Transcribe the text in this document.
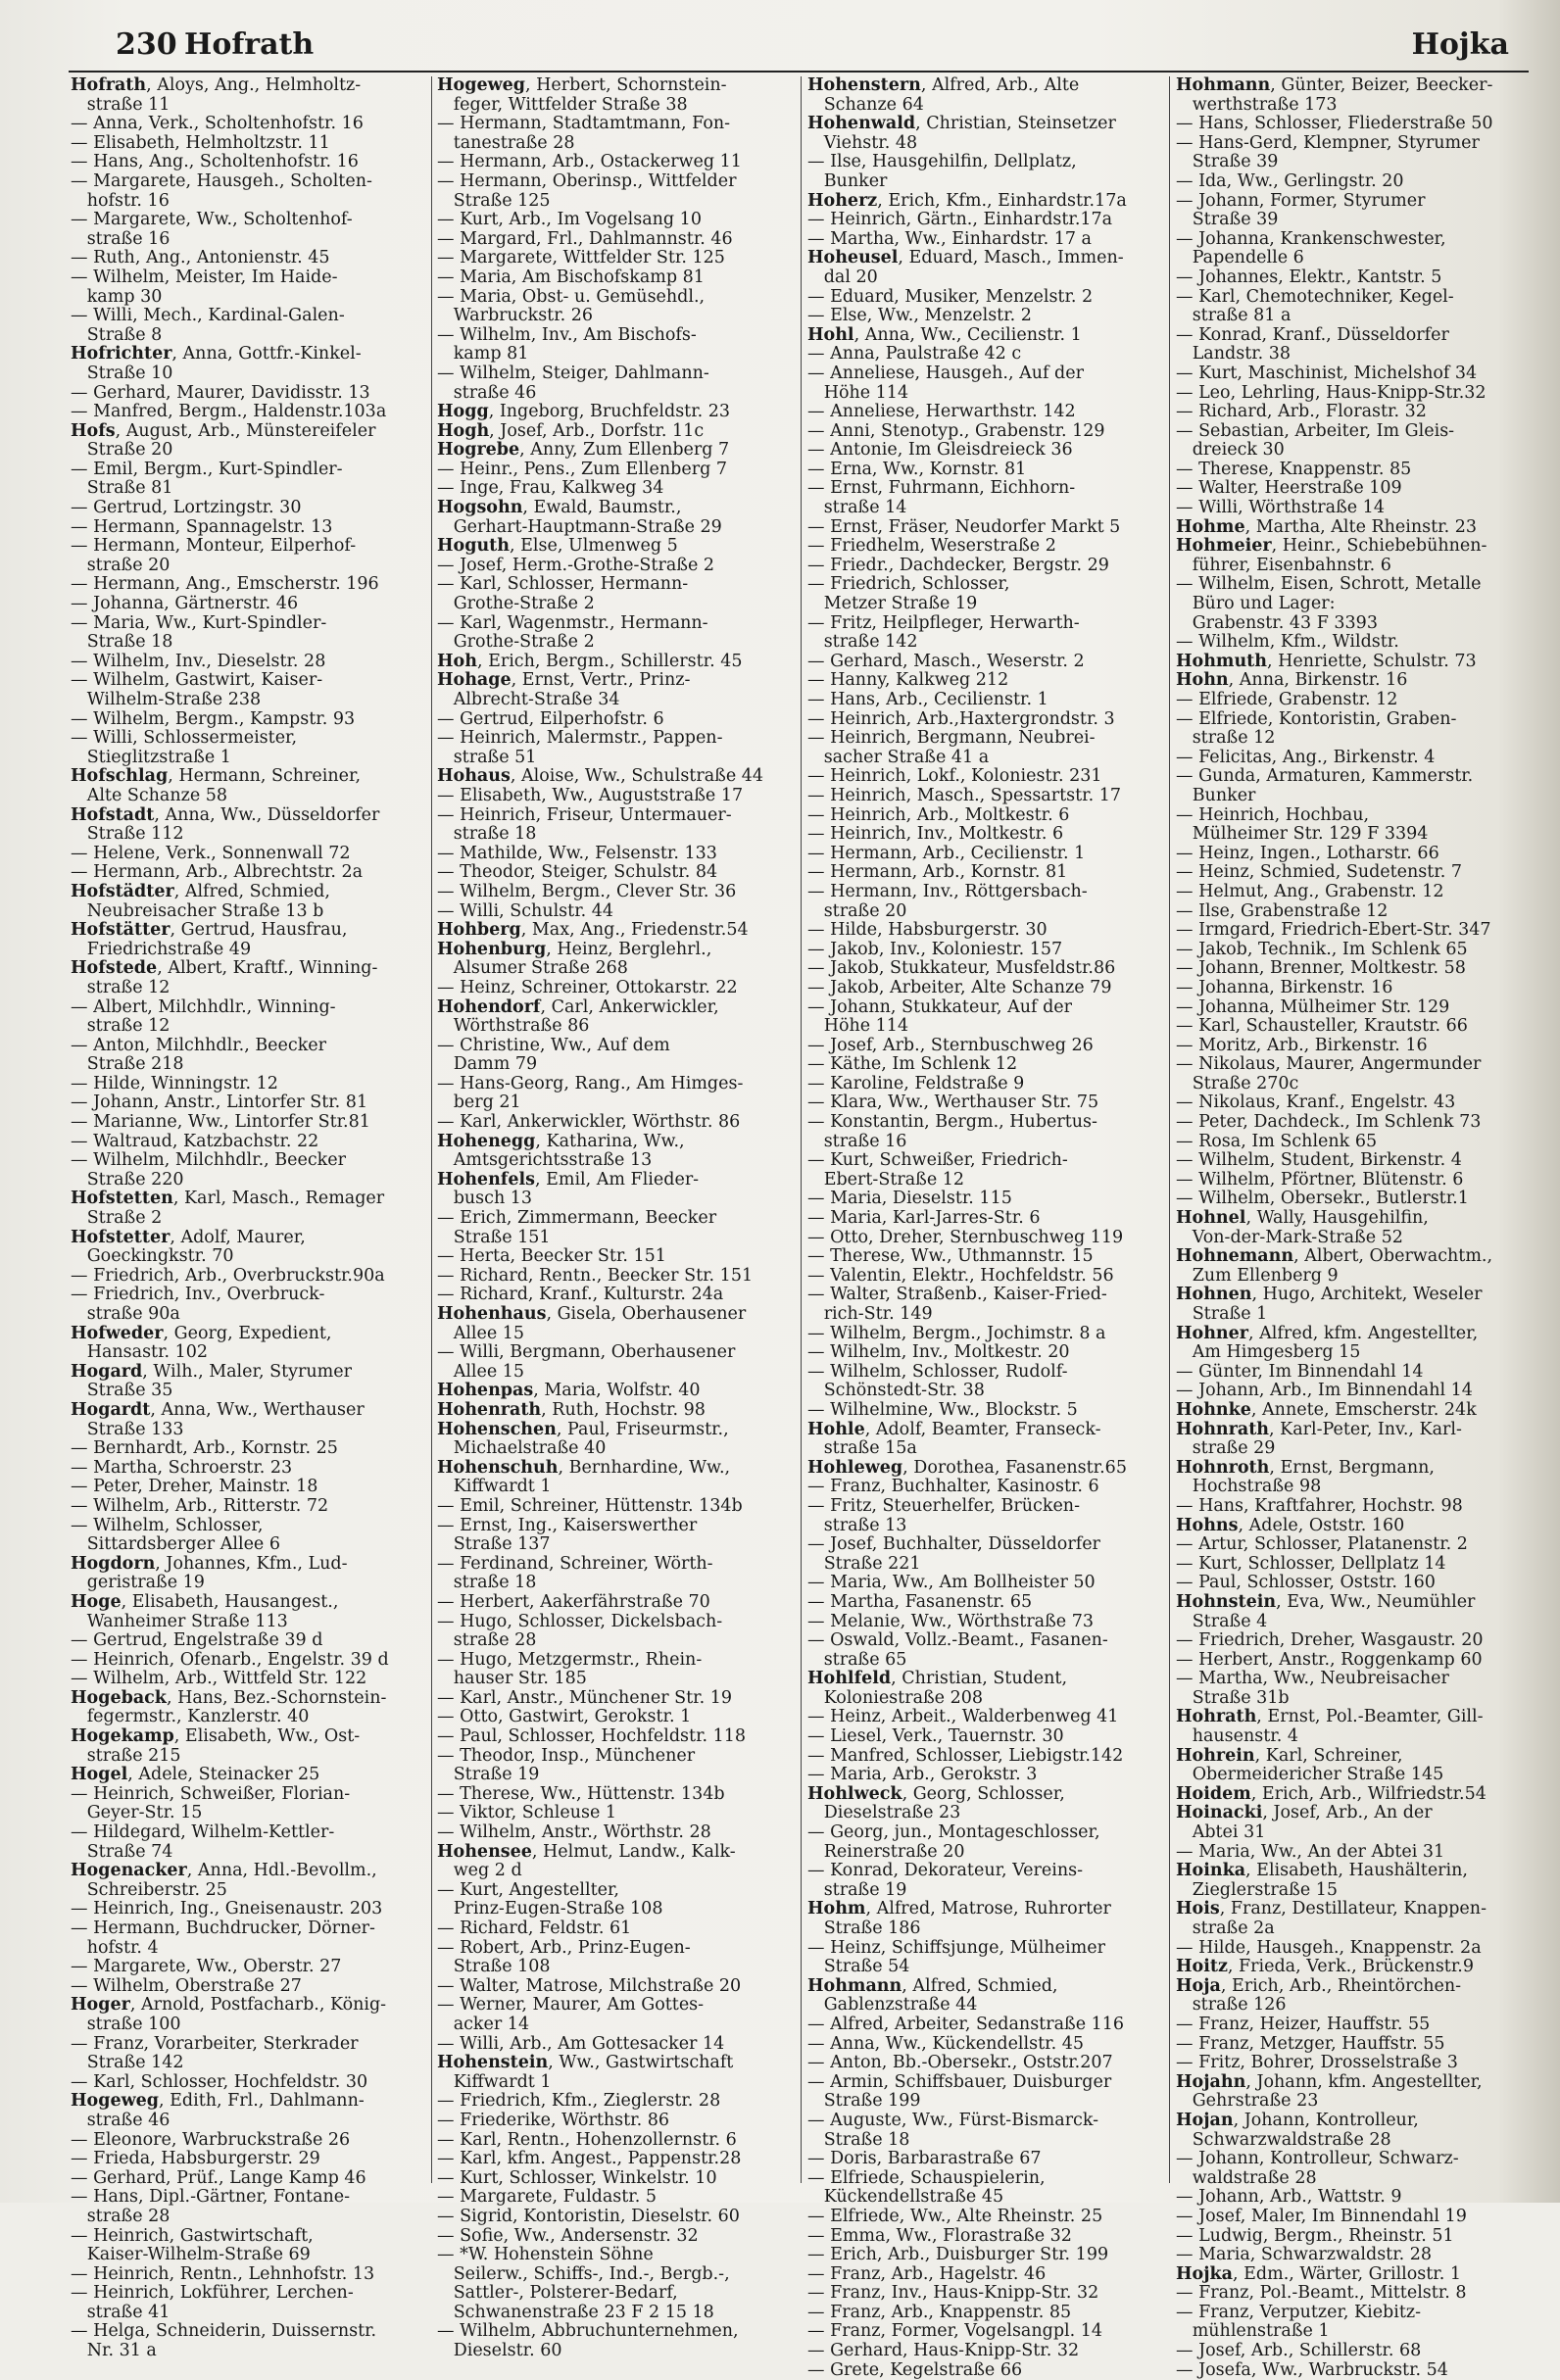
230 Hofrath	Hojka
Hofrath, Aloys, Ang., Helmholtz-
straße 11
— Anna, Verk., Scholtenhofstr. 16
— Elisabeth, Helmholtzstr. 11
— Hans, Ang., Scholtenhofstr. 16
— Margarete, Hausgeh., Scholten-
hofstr. 16
— Margarete, Ww., Scholtenhof-
straße 16
— Ruth, Ang., Antonienstr. 45
— Wilhelm, Meister, Im Haide-
kamp 30
— Willi, Mech., Kardinal-Galen-
Straße 8
Hofrichter, Anna, Gottfr.-Kinkel-
Straße 10
— Gerhard, Maurer, Davidisstr. 13
— Manfred, Bergm., Haldenstr.103a
Hofs, August, Arb., Münstereifeler
Straße 20
— Emil, Bergm., Kurt-Spindler-
Straße 81
— Gertrud, Lortzingstr. 30
— Hermann, Spannagelstr. 13
— Hermann, Monteur, Eilperhof-
straße 20
— Hermann, Ang., Emscherstr. 196
— Johanna, Gärtnerstr. 46
— Maria, Ww., Kurt-Spindler-
Straße 18
— Wilhelm, Inv., Dieselstr. 28
— Wilhelm, Gastwirt, Kaiser-
Wilhelm-Straße 238
— Wilhelm, Bergm., Kampstr. 93
— Willi, Schlossermeister,
Stieglitzstraße 1
Hofschlag, Hermann, Schreiner,
Alte Schanze 58
Hofstadt, Anna, Ww., Düsseldorfer
Straße 112
— Helene, Verk., Sonnenwall 72
— Hermann, Arb., Albrechtstr. 2a
Hofstädter, Alfred, Schmied,
Neubreisacher Straße 13 b
Hofstätter, Gertrud, Hausfrau,
Friedrichstraße 49
Hofstede, Albert, Kraftf., Winning-
straße 12
— Albert, Milchhdlr., Winning-
straße 12
— Anton, Milchhdlr., Beecker
Straße 218
— Hilde, Winningstr. 12
— Johann, Anstr., Lintorfer Str. 81
— Marianne, Ww., Lintorfer Str.81
— Waltraud, Katzbachstr. 22
— Wilhelm, Milchhdlr., Beecker
Straße 220
Hofstetten, Karl, Masch., Remager
Straße 2
Hofstetter, Adolf, Maurer,
Goeckingkstr. 70
— Friedrich, Arb., Overbruckstr.90a
— Friedrich, Inv., Overbruck-
straße 90a
Hofweder, Georg, Expedient,
Hansastr. 102
Hogard, Wilh., Maler, Styrumer
Straße 35
Hogardt, Anna, Ww., Werthauser
Straße 133
— Bernhardt, Arb., Kornstr. 25
— Martha, Schroerstr. 23
— Peter, Dreher, Mainstr. 18
— Wilhelm, Arb., Ritterstr. 72
— Wilhelm, Schlosser,
Sittardsberger Allee 6
Hogdorn, Johannes, Kfm., Lud-
geristraße 19
Hoge, Elisabeth, Hausangest.,
Wanheimer Straße 113
— Gertrud, Engelstraße 39 d
— Heinrich, Ofenarb., Engelstr. 39 d
— Wilhelm, Arb., Wittfeld Str. 122
Hogeback, Hans, Bez.-Schornstein-
fegermstr., Kanzlerstr. 40
Hogekamp, Elisabeth, Ww., Ost-
straße 215
Hogel, Adele, Steinacker 25
— Heinrich, Schweißer, Florian-
Geyer-Str. 15
— Hildegard, Wilhelm-Kettler-
Straße 74
Hogenacker, Anna, Hdl.-Bevollm.,
Schreiberstr. 25
— Heinrich, Ing., Gneisenaustr. 203
— Hermann, Buchdrucker, Dörner-
hofstr. 4
— Margarete, Ww., Oberstr. 27
— Wilhelm, Oberstraße 27
Hoger, Arnold, Postfacharb., König-
straße 100
— Franz, Vorarbeiter, Sterkrader
Straße 142
— Karl, Schlosser, Hochfeldstr. 30
Hogeweg, Edith, Frl., Dahlmann-
straße 46
— Eleonore, Warbruckstraße 26
— Frieda, Habsburgerstr. 29
— Gerhard, Prüf., Lange Kamp 46
— Hans, Dipl.-Gärtner, Fontane-
straße 28
— Heinrich, Gastwirtschaft,
Kaiser-Wilhelm-Straße 69
— Heinrich, Rentn., Lehnhofstr. 13
— Heinrich, Lokführer, Lerchen-
straße 41
— Helga, Schneiderin, Duissernstr.
Nr. 31 a
Hogeweg, Herbert, Schornstein-
feger, Wittfelder Straße 38
— Hermann, Stadtamtmann, Fon-
tanestraße 28
— Hermann, Arb., Ostackerweg 11
— Hermann, Oberinsp., Wittfelder
Straße 125
— Kurt, Arb., Im Vogelsang 10
— Margard, Frl., Dahlmannstr. 46
— Margarete, Wittfelder Str. 125
— Maria, Am Bischofskamp 81
— Maria, Obst- u. Gemüsehdl.,
Warbruckstr. 26
— Wilhelm, Inv., Am Bischofs-
kamp 81
— Wilhelm, Steiger, Dahlmann-
straße 46
Hogg, Ingeborg, Bruchfeldstr. 23
Hogh, Josef, Arb., Dorfstr. 11c
Hogrebe, Anny, Zum Ellenberg 7
— Heinr., Pens., Zum Ellenberg 7
— Inge, Frau, Kalkweg 34
Hogsohn, Ewald, Baumstr.,
Gerhart-Hauptmann-Straße 29
Hoguth, Else, Ulmenweg 5
— Josef, Herm.-Grothe-Straße 2
— Karl, Schlosser, Hermann-
Grothe-Straße 2
— Karl, Wagenmstr., Hermann-
Grothe-Straße 2
Hoh, Erich, Bergm., Schillerstr. 45
Hohage, Ernst, Vertr., Prinz-
Albrecht-Straße 34
— Gertrud, Eilperhofstr. 6
— Heinrich, Malermstr., Pappen-
straße 51
Hohaus, Aloise, Ww., Schulstraße 44
— Elisabeth, Ww., Auguststraße 17
— Heinrich, Friseur, Untermauer-
straße 18
— Mathilde, Ww., Felsenstr. 133
— Theodor, Steiger, Schulstr. 84
— Wilhelm, Bergm., Clever Str. 36
— Willi, Schulstr. 44
Hohberg, Max, Ang., Friedenstr.54
Hohenburg, Heinz, Berglehrl.,
Alsumer Straße 268
— Heinz, Schreiner, Ottokarstr. 22
Hohendorf, Carl, Ankerwickler,
Wörthstraße 86
— Christine, Ww., Auf dem
Damm 79
— Hans-Georg, Rang., Am Himges-
berg 21
— Karl, Ankerwickler, Wörthstr. 86
Hohenegg, Katharina, Ww.,
Amtsgerichtsstraße 13
Hohenfels, Emil, Am Flieder-
busch 13
— Erich, Zimmermann, Beecker
Straße 151
— Herta, Beecker Str. 151
— Richard, Rentn., Beecker Str. 151
— Richard, Kranf., Kulturstr. 24a
Hohenhaus, Gisela, Oberhausener
Allee 15
— Willi, Bergmann, Oberhausener
Allee 15
Hohenpas, Maria, Wolfstr. 40
Hohenrath, Ruth, Hochstr. 98
Hohenschen, Paul, Friseurmstr.,
Michaelstraße 40
Hohenschuh, Bernhardine, Ww.,
Kiffwardt 1
— Emil, Schreiner, Hüttenstr. 134b
— Ernst, Ing., Kaiserswerther
Straße 137
— Ferdinand, Schreiner, Wörth-
straße 18
— Herbert, Aakerfährstraße 70
— Hugo, Schlosser, Dickelsbach-
straße 28
— Hugo, Metzgermstr., Rhein-
hauser Str. 185
— Karl, Anstr., Münchener Str. 19
— Otto, Gastwirt, Gerokstr. 1
— Paul, Schlosser, Hochfeldstr. 118
— Theodor, Insp., Münchener
Straße 19
— Therese, Ww., Hüttenstr. 134b
— Viktor, Schleuse 1
— Wilhelm, Anstr., Wörthstr. 28
Hohensee, Helmut, Landw., Kalk-
weg 2 d
— Kurt, Angestellter,
Prinz-Eugen-Straße 108
— Richard, Feldstr. 61
— Robert, Arb., Prinz-Eugen-
Straße 108
— Walter, Matrose, Milchstraße 20
— Werner, Maurer, Am Gottes-
acker 14
— Willi, Arb., Am Gottesacker 14
Hohenstein, Ww., Gastwirtschaft
Kiffwardt 1
— Friedrich, Kfm., Zieglerstr. 28
— Friederike, Wörthstr. 86
— Karl, Rentn., Hohenzollernstr. 6
— Karl, kfm. Angest., Pappenstr.28
— Kurt, Schlosser, Winkelstr. 10
— Margarete, Fuldastr. 5
— Sigrid, Kontoristin, Dieselstr. 60
— Sofie, Ww., Andersenstr. 32
— *W. Hohenstein Söhne
Seilerw., Schiffs-, Ind.-, Bergb.-,
Sattler-, Polsterer-Bedarf,
Schwanenstraße 23 F 2 15 18
— Wilhelm, Abbruchunternehmen,
Dieselstr. 60
Hohenstern, Alfred, Arb., Alte
Schanze 64
Hohenwald, Christian, Steinsetzer
Viehstr. 48
— Ilse, Hausgehilfin, Dellplatz,
Bunker
Hoherz, Erich, Kfm., Einhardstr.17a
— Heinrich, Gärtn., Einhardstr.17a
— Martha, Ww., Einhardstr. 17 a
Hoheusel, Eduard, Masch., Immen-
dal 20
— Eduard, Musiker, Menzelstr. 2
— Else, Ww., Menzelstr. 2
Hohl, Anna, Ww., Cecilienstr. 1
— Anna, Paulstraße 42 c
— Anneliese, Hausgeh., Auf der
Höhe 114
— Anneliese, Herwarthstr. 142
— Anni, Stenotyp., Grabenstr. 129
— Antonie, Im Gleisdreieck 36
— Erna, Ww., Kornstr. 81
— Ernst, Fuhrmann, Eichhorn-
straße 14
— Ernst, Fräser, Neudorfer Markt 5
— Friedhelm, Weserstraße 2
— Friedr., Dachdecker, Bergstr. 29
— Friedrich, Schlosser,
Metzer Straße 19
— Fritz, Heilpfleger, Herwarth-
straße 142
— Gerhard, Masch., Weserstr. 2
— Hanny, Kalkweg 212
— Hans, Arb., Cecilienstr. 1
— Heinrich, Arb.,Haxtergrondstr. 3
— Heinrich, Bergmann, Neubrei-
sacher Straße 41 a
— Heinrich, Lokf., Koloniestr. 231
— Heinrich, Masch., Spessartstr. 17
— Heinrich, Arb., Moltkestr. 6
— Heinrich, Inv., Moltkestr. 6
— Hermann, Arb., Cecilienstr. 1
— Hermann, Arb., Kornstr. 81
— Hermann, Inv., Röttgersbach-
straße 20
— Hilde, Habsburgerstr. 30
— Jakob, Inv., Koloniestr. 157
— Jakob, Stukkateur, Musfeldstr.86
— Jakob, Arbeiter, Alte Schanze 79
— Johann, Stukkateur, Auf der
Höhe 114
— Josef, Arb., Sternbuschweg 26
— Käthe, Im Schlenk 12
— Karoline, Feldstraße 9
— Klara, Ww., Werthauser Str. 75
— Konstantin, Bergm., Hubertus-
straße 16
— Kurt, Schweißer, Friedrich-
Ebert-Straße 12
— Maria, Dieselstr. 115
— Maria, Karl-Jarres-Str. 6
— Otto, Dreher, Sternbuschweg 119
— Therese, Ww., Uthmannstr. 15
— Valentin, Elektr., Hochfeldstr. 56
— Walter, Straßenb., Kaiser-Fried-
rich-Str. 149
— Wilhelm, Bergm., Jochimstr. 8 a
— Wilhelm, Inv., Moltkestr. 20
— Wilhelm, Schlosser, Rudolf-
Schönstedt-Str. 38
— Wilhelmine, Ww., Blockstr. 5
Hohle, Adolf, Beamter, Franseck-
straße 15a
Hohleweg, Dorothea, Fasanenstr.65
— Franz, Buchhalter, Kasinostr. 6
— Fritz, Steuerhelfer, Brücken-
straße 13
— Josef, Buchhalter, Düsseldorfer
Straße 221
— Maria, Ww., Am Bollheister 50
— Martha, Fasanenstr. 65
— Melanie, Ww., Wörthstraße 73
— Oswald, Vollz.-Beamt., Fasanen-
straße 65
Hohlfeld, Christian, Student,
Koloniestraße 208
— Heinz, Arbeit., Walderbenweg 41
— Liesel, Verk., Tauernstr. 30
— Manfred, Schlosser, Liebigstr.142
— Maria, Arb., Gerokstr. 3
Hohlweck, Georg, Schlosser,
Dieselstraße 23
— Georg, jun., Montageschlosser,
Reinerstraße 20
— Konrad, Dekorateur, Vereins-
straße 19
Hohm, Alfred, Matrose, Ruhrorter
Straße 186
— Heinz, Schiffsjunge, Mülheimer
Straße 54
Hohmann, Alfred, Schmied,
Gablenzstraße 44
— Alfred, Arbeiter, Sedanstraße 116
— Anna, Ww., Kückendellstr. 45
— Anton, Bb.-Obersekr., Oststr.207
— Armin, Schiffsbauer, Duisburger
Straße 199
— Auguste, Ww., Fürst-Bismarck-
Straße 18
— Doris, Barbarastraße 67
— Elfriede, Schauspielerin,
Kückendellstraße 45
— Elfriede, Ww., Alte Rheinstr. 25
— Emma, Ww., Florastraße 32
— Erich, Arb., Duisburger Str. 199
— Franz, Arb., Hagelstr. 46
— Franz, Inv., Haus-Knipp-Str. 32
— Franz, Arb., Knappenstr. 85
— Franz, Former, Vogelsangpl. 14
— Gerhard, Haus-Knipp-Str. 32
— Grete, Kegelstraße 66
Hohmann, Günter, Beizer, Beecker-
werthstraße 173
— Hans, Schlosser, Fliederstraße 50
— Hans-Gerd, Klempner, Styrumer
Straße 39
— Ida, Ww., Gerlingstr. 20
— Johann, Former, Styrumer
Straße 39
— Johanna, Krankenschwester,
Papendelle 6
— Johannes, Elektr., Kantstr. 5
— Karl, Chemotechniker, Kegel-
straße 81 a
— Konrad, Kranf., Düsseldorfer
Landstr. 38
— Kurt, Maschinist, Michelshof 34
— Leo, Lehrling, Haus-Knipp-Str.32
— Richard, Arb., Florastr. 32
— Sebastian, Arbeiter, Im Gleis-
dreieck 30
— Therese, Knappenstr. 85
— Walter, Heerstraße 109
— Willi, Wörthstraße 14
Hohme, Martha, Alte Rheinstr. 23
Hohmeier, Heinr., Schiebebühnen-
führer, Eisenbahnstr. 6
— Wilhelm, Eisen, Schrott, Metalle
Büro und Lager:
Grabenstr. 43 F 3393
— Wilhelm, Kfm., Wildstr.
Hohmuth, Henriette, Schulstr. 73
Hohn, Anna, Birkenstr. 16
— Elfriede, Grabenstr. 12
— Elfriede, Kontoristin, Graben-
straße 12
— Felicitas, Ang., Birkenstr. 4
— Gunda, Armaturen, Kammerstr.
Bunker
— Heinrich, Hochbau,
Mülheimer Str. 129 F 3394
— Heinz, Ingen., Lotharstr. 66
— Heinz, Schmied, Sudetenstr. 7
— Helmut, Ang., Grabenstr. 12
— Ilse, Grabenstraße 12
— Irmgard, Friedrich-Ebert-Str. 347
— Jakob, Technik., Im Schlenk 65
— Johann, Brenner, Moltkestr. 58
— Johanna, Birkenstr. 16
— Johanna, Mülheimer Str. 129
— Karl, Schausteller, Krautstr. 66
— Moritz, Arb., Birkenstr. 16
— Nikolaus, Maurer, Angermunder
Straße 270c
— Nikolaus, Kranf., Engelstr. 43
— Peter, Dachdeck., Im Schlenk 73
— Rosa, Im Schlenk 65
— Wilhelm, Student, Birkenstr. 4
— Wilhelm, Pförtner, Blütenstr. 6
— Wilhelm, Obersekr., Butlerstr.1
Hohnel, Wally, Hausgehilfin,
Von-der-Mark-Straße 52
Hohnemann, Albert, Oberwachtm.,
Zum Ellenberg 9
Hohnen, Hugo, Architekt, Weseler
Straße 1
Hohner, Alfred, kfm. Angestellter,
Am Himgesberg 15
— Günter, Im Binnendahl 14
— Johann, Arb., Im Binnendahl 14
Hohnke, Annete, Emscherstr. 24k
Hohnrath, Karl-Peter, Inv., Karl-
straße 29
Hohnroth, Ernst, Bergmann,
Hochstraße 98
— Hans, Kraftfahrer, Hochstr. 98
Hohns, Adele, Oststr. 160
— Artur, Schlosser, Platanenstr. 2
— Kurt, Schlosser, Dellplatz 14
— Paul, Schlosser, Oststr. 160
Hohnstein, Eva, Ww., Neumühler
Straße 4
— Friedrich, Dreher, Wasgaustr. 20
— Herbert, Anstr., Roggenkamp 60
— Martha, Ww., Neubreisacher
Straße 31b
Hohrath, Ernst, Pol.-Beamter, Gill-
hausenstr. 4
Hohrein, Karl, Schreiner,
Obermeidericher Straße 145
Hoidem, Erich, Arb., Wilfriedstr.54
Hoinacki, Josef, Arb., An der
Abtei 31
— Maria, Ww., An der Abtei 31
Hoinka, Elisabeth, Haushälterin,
Zieglerstraße 15
Hois, Franz, Destillateur, Knappen-
straße 2a
— Hilde, Hausgeh., Knappenstr. 2a
Hoitz, Frieda, Verk., Brückenstr.9
Hoja, Erich, Arb., Rheintörchen-
straße 126
— Franz, Heizer, Hauffstr. 55
— Franz, Metzger, Hauffstr. 55
— Fritz, Bohrer, Drosselstraße 3
Hojahn, Johann, kfm. Angestellter,
Gehrstraße 23
Hojan, Johann, Kontrolleur,
Schwarzwaldstraße 28
— Johann, Kontrolleur, Schwarz-
waldstraße 28
— Johann, Arb., Wattstr. 9
— Josef, Maler, Im Binnendahl 19
— Ludwig, Bergm., Rheinstr. 51
— Maria, Schwarzwaldstr. 28
Hojka, Edm., Wärter, Grillostr. 1
— Franz, Pol.-Beamt., Mittelstr. 8
— Franz, Verputzer, Kiebitz-
mühlenstraße 1
— Josef, Arb., Schillerstr. 68
— Josefa, Ww., Warbruckstr. 54
